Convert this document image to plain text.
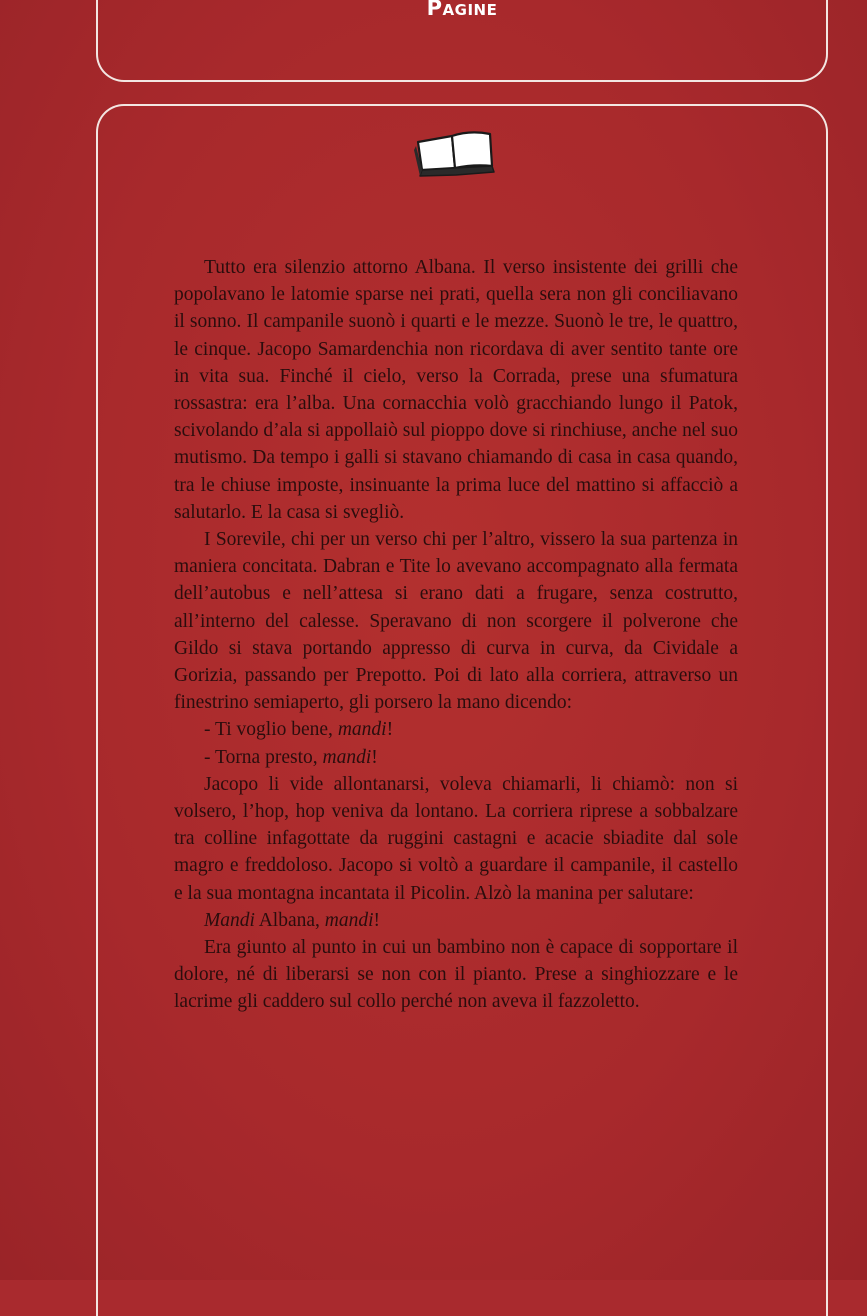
Pagine

Tutto era silenzio attorno Albana. Il verso insistente dei grilli che popolavano le latomie sparse nei prati, quella sera non gli conciliavano il sonno. Il campanile suonò i quarti e le mezze. Suonò le tre, le quattro, le cinque. Jacopo Samardenchia non ricordava di aver sentito tante ore in vita sua. Finché il cielo, verso la Corrada, prese una sfumatura rossastra: era l’alba. Una cornacchia volò gracchiando lungo il Patok, scivolando d’ala si appollaiò sul pioppo dove si rinchiuse, anche nel suo mutismo. Da tempo i galli si stavano chiamando di casa in casa quando, tra le chiuse imposte, insinuante la prima luce del mattino si affacciò a salutarlo. E la casa si svegliò.

I Sorevile, chi per un verso chi per l’altro, vissero la sua partenza in maniera concitata. Dabran e Tite lo avevano accompagnato alla fermata dell’autobus e nell’attesa si erano dati a frugare, senza costrutto, all’interno del calesse. Speravano di non scorgere il polverone che Gildo si stava portando appresso di curva in curva, da Cividale a Gorizia, passando per Prepotto. Poi di lato alla corriera, attraverso un finestrino semiaperto, gli porsero la mano dicendo:

- Ti voglio bene, mandi!

- Torna presto, mandi!

Jacopo li vide allontanarsi, voleva chiamarli, li chiamò: non si volsero, l’hop, hop veniva da lontano. La corriera riprese a sobbalzare tra colline infagottate da ruggini castagni e acacie sbiadite dal sole magro e freddoloso. Jacopo si voltò a guardare il campanile, il castello e la sua montagna incantata il Picolin. Alzò la manina per salutare:

Mandi Albana, mandi!

Era giunto al punto in cui un bambino non è capace di sopportare il dolore, né di liberarsi se non con il pianto. Prese a singhiozzare e le lacrime gli caddero sul collo perché non aveva il fazzoletto.
